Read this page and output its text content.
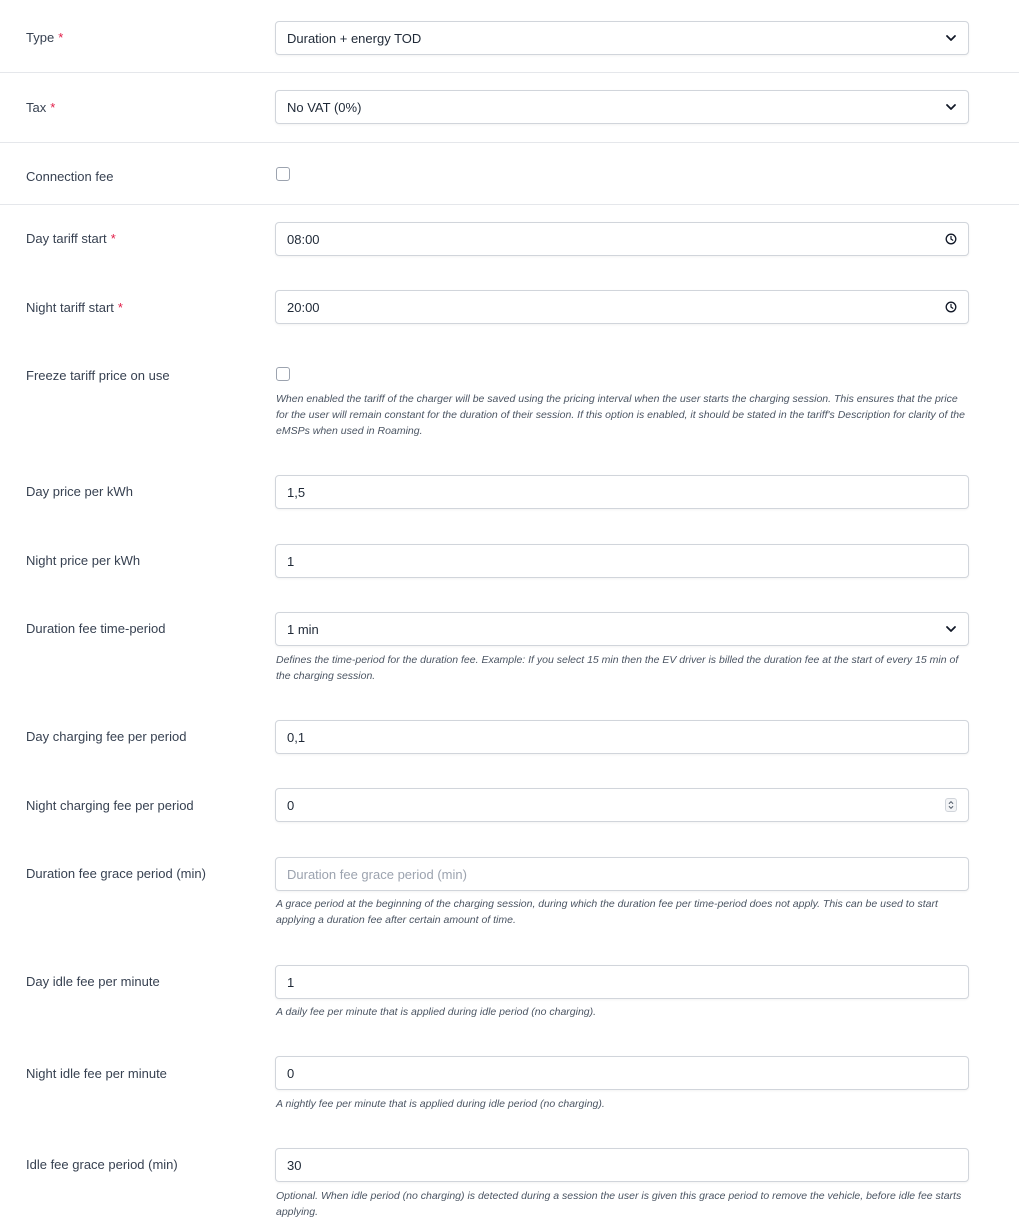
Type *	Duration + energy TOD
Tax *	No VAT (0%)
Connection fee
Day tariff start *	08:00
Night tariff start *	20:00
Freeze tariff price on use
When enabled the tariff of the charger will be saved using the pricing interval when the user starts the charging session. This ensures that the price for the user will remain constant for the duration of their session. If this option is enabled, it should be stated in the tariff's Description for clarity of the eMSPs when used in Roaming.
Day price per kWh	1,5
Night price per kWh	1
Duration fee time-period	1 min
Defines the time-period for the duration fee. Example: If you select 15 min then the EV driver is billed the duration fee at the start of every 15 min of the charging session.
Day charging fee per period	0,1
Night charging fee per period	0
Duration fee grace period (min)	Duration fee grace period (min)
A grace period at the beginning of the charging session, during which the duration fee per time-period does not apply. This can be used to start applying a duration fee after certain amount of time.
Day idle fee per minute	1
A daily fee per minute that is applied during idle period (no charging).
Night idle fee per minute	0
A nightly fee per minute that is applied during idle period (no charging).
Idle fee grace period (min)	30
Optional. When idle period (no charging) is detected during a session the user is given this grace period to remove the vehicle, before idle fee starts applying.
